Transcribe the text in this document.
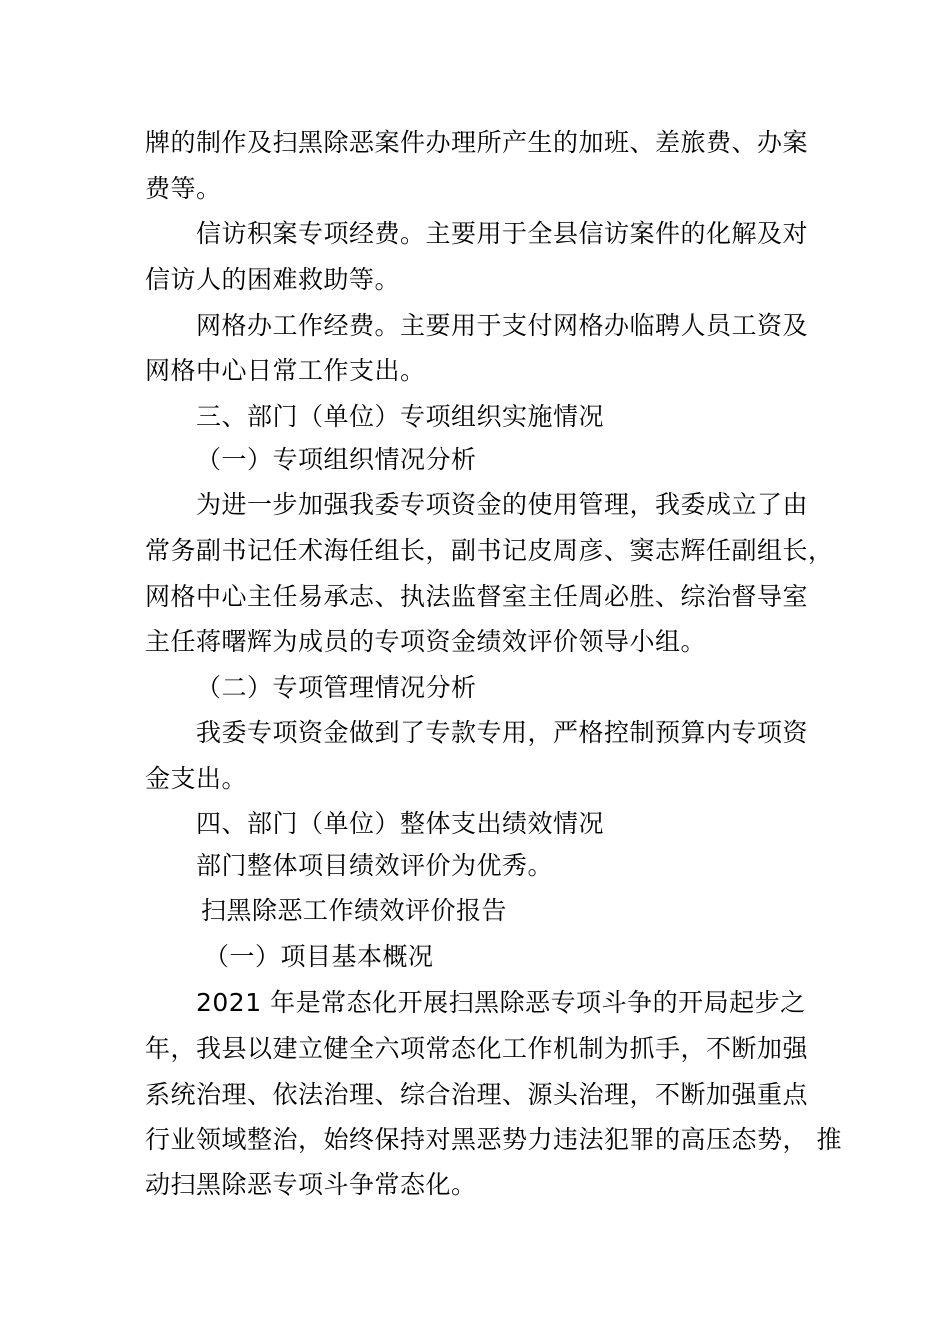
牌的制作及扫黑除恶案件办理所产生的加班、差旅费、办案
费等。
信访积案专项经费。主要用于全县信访案件的化解及对
信访人的困难救助等。
网格办工作经费。主要用于支付网格办临聘人员工资及
网格中心日常工作支出。
三、部门（单位）专项组织实施情况
（一）专项组织情况分析
为进一步加强我委专项资金的使用管理，我委成立了由
常务副书记任术海任组长，副书记皮周彦、窦志辉任副组长，
网格中心主任易承志、执法监督室主任周必胜、综治督导室
主任蒋曙辉为成员的专项资金绩效评价领导小组。
（二）专项管理情况分析
我委专项资金做到了专款专用，严格控制预算内专项资
金支出。
四、部门（单位）整体支出绩效情况
部门整体项目绩效评价为优秀。
扫黑除恶工作绩效评价报告
（一）项目基本概况
2021 年是常态化开展扫黑除恶专项斗争的开局起步之
年，我县以建立健全六项常态化工作机制为抓手，不断加强
系统治理、依法治理、综合治理、源头治理，不断加强重点
行业领域整治，始终保持对黑恶势力违法犯罪的高压态势， 推
动扫黑除恶专项斗争常态化。
